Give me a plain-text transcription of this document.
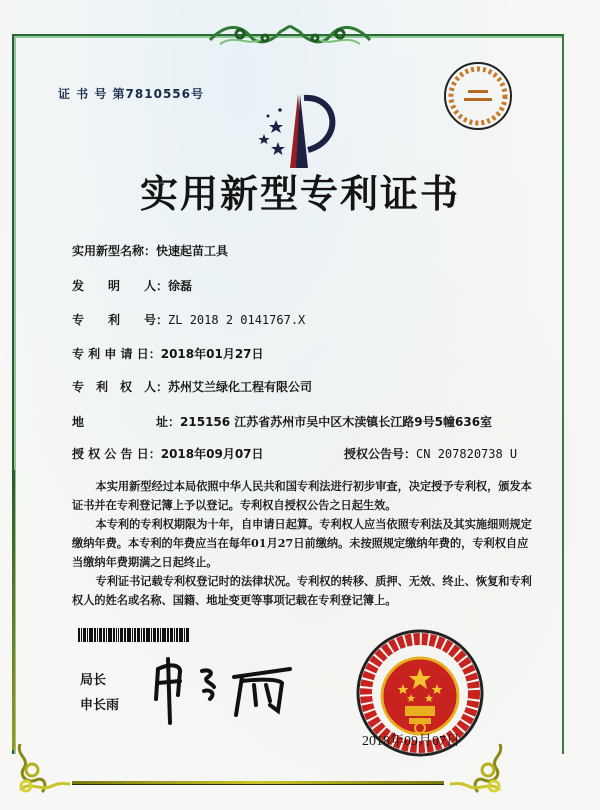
证 书 号 第7810556号
实用新型专利证书
实用新型名称：快速起苗工具
发　　明　　人：徐磊
专　　利　　号：ZL 2018 2 0141767.X
专 利 申 请 日：2018年01月27日
专　利　权　人：苏州艾兰绿化工程有限公司
地　　　　　　址：215156 江苏省苏州市吴中区木渎镇长江路9号5幢636室
授 权 公 告 日：2018年09月07日	授权公告号：CN 207820738 U

本实用新型经过本局依照中华人民共和国专利法进行初步审查，决定授予专利权，颁发本证书并在专利登记簿上予以登记。专利权自授权公告之日起生效。

本专利的专利权期限为十年，自申请日起算。专利权人应当依照专利法及其实施细则规定缴纳年费。本专利的年费应当在每年01月27日前缴纳。未按照规定缴纳年费的，专利权自应当缴纳年费期满之日起终止。

专利证书记载专利权登记时的法律状况。专利权的转移、质押、无效、终止、恢复和专利权人的姓名或名称、国籍、地址变更等事项记载在专利登记簿上。

局长
申长雨
2018年09月07日
